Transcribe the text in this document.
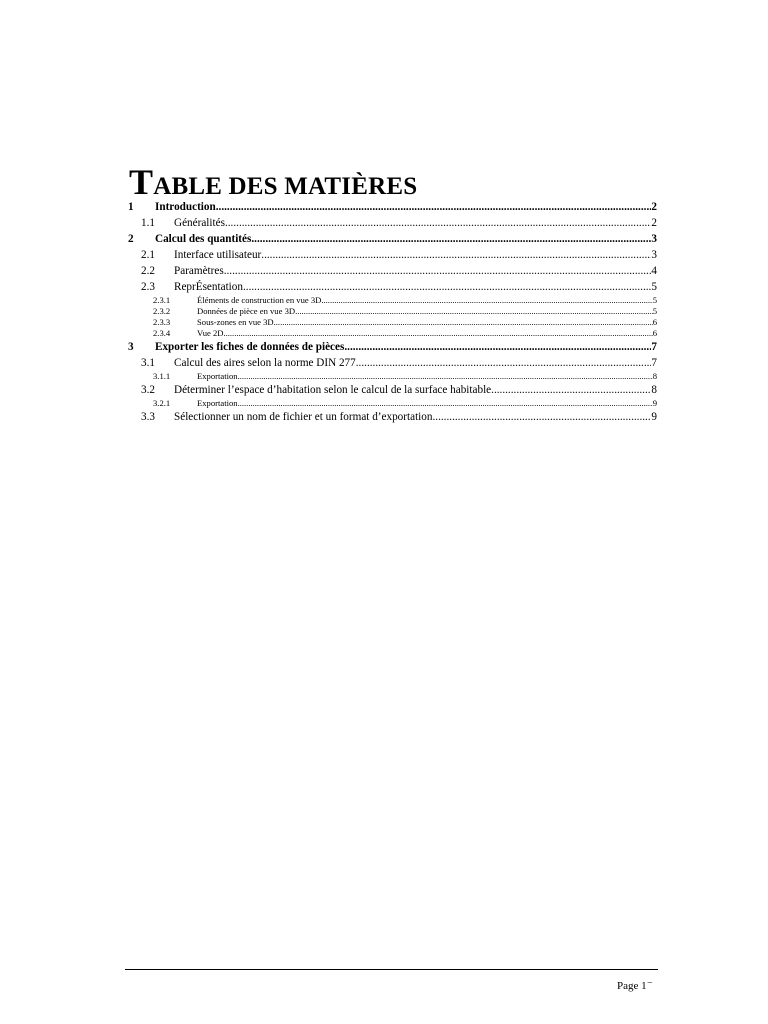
TABLE DES MATIÈRES
1	Introduction .....	2
1.1	Généralités .....	2
2	Calcul des quantités .....	3
2.1	Interface utilisateur .....	3
2.2	Paramètres .....	4
2.3	ReprÉsentation .....	5
2.3.1	Éléments de construction en vue 3D .....	5
2.3.2	Données de pièce en vue 3D .....	5
2.3.3	Sous-zones en vue 3D .....	6
2.3.4	Vue 2D .....	6
3	Exporter les fiches de données de pièces .....	7
3.1	Calcul des aires selon la norme DIN 277 .....	7
3.1.1	Exportation .....	8
3.2	Déterminer l’espace d’habitation selon le calcul de la surface habitable .....	8
3.2.1	Exportation .....	9
3.3	Sélectionner un nom de fichier et un format d’exportation .....	9
Page 1–
